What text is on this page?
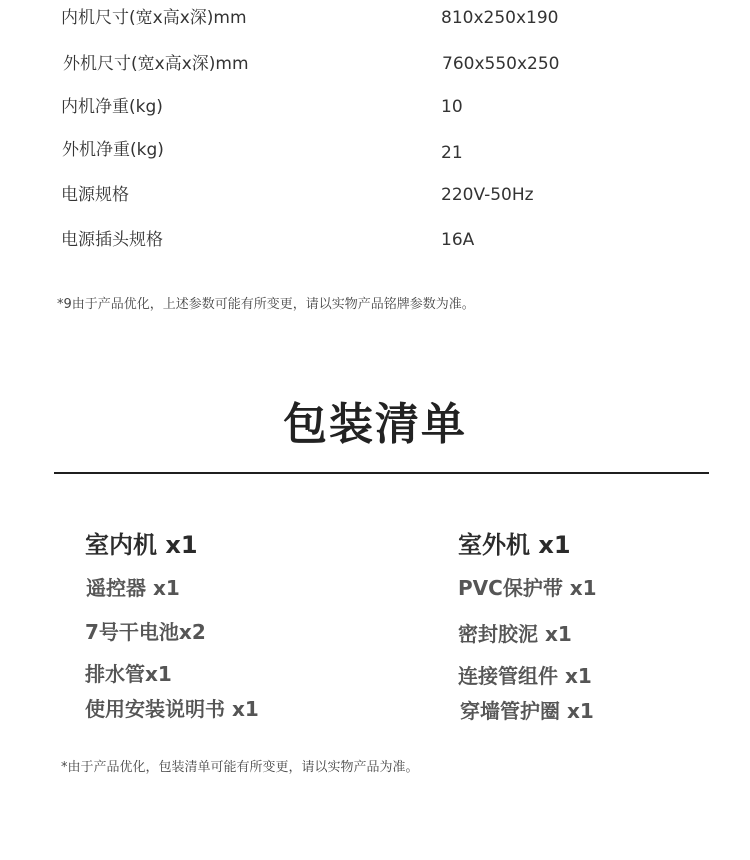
内机尺寸(宽x高x深)mm	810x250x190
外机尺寸(宽x高x深)mm	760x550x250
内机净重(kg)	10
外机净重(kg)	21
电源规格	220V-50Hz
电源插头规格	16A
*9由于产品优化，上述参数可能有所变更，请以实物产品铭牌参数为准。
包装清单
室内机 x1
遥控器 x1
7号干电池x2
排水管x1
使用安装说明书 x1
室外机 x1
PVC保护带 x1
密封胶泥 x1
连接管组件 x1
穿墙管护圈 x1
*由于产品优化，包装清单可能有所变更，请以实物产品为准。
